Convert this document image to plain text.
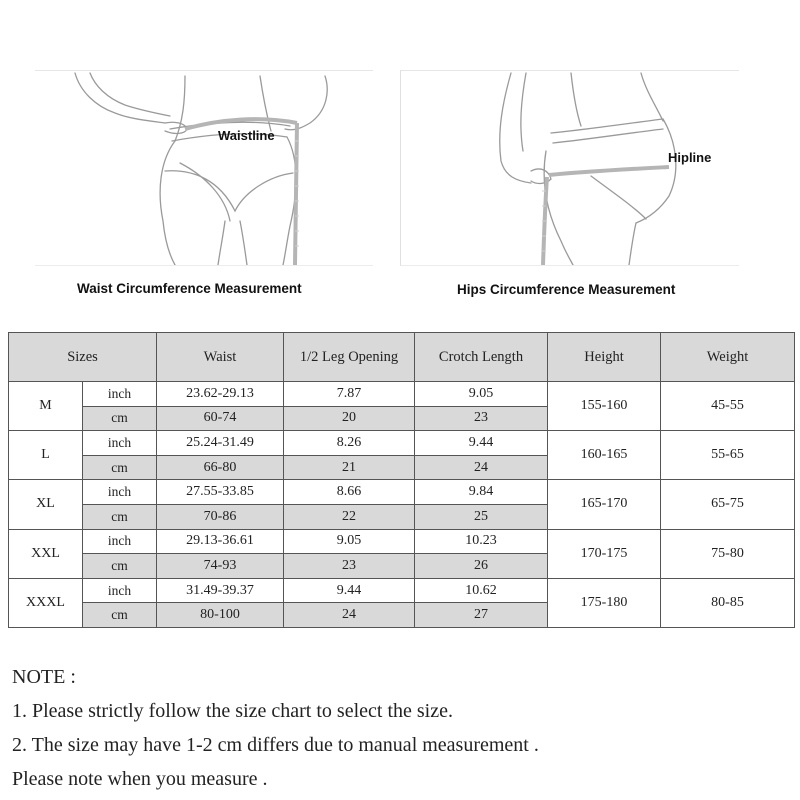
Waistline
Waist Circumference Measurement
Hipline
Hips Circumference Measurement
Sizes		Waist	1/2 Leg Opening	Crotch Length	Height	Weight
M	inch	23.62-29.13	7.87	9.05	155-160	45-55
	cm	60-74	20	23		
L	inch	25.24-31.49	8.26	9.44	160-165	55-65
	cm	66-80	21	24		
XL	inch	27.55-33.85	8.66	9.84	165-170	65-75
	cm	70-86	22	25		
XXL	inch	29.13-36.61	9.05	10.23	170-175	75-80
	cm	74-93	23	26		
XXXL	inch	31.49-39.37	9.44	10.62	175-180	80-85
	cm	80-100	24	27		
NOTE :
1. Please strictly follow the size chart to select the size.
2. The size may have 1-2 cm differs due to manual measurement .
Please note when you measure .
